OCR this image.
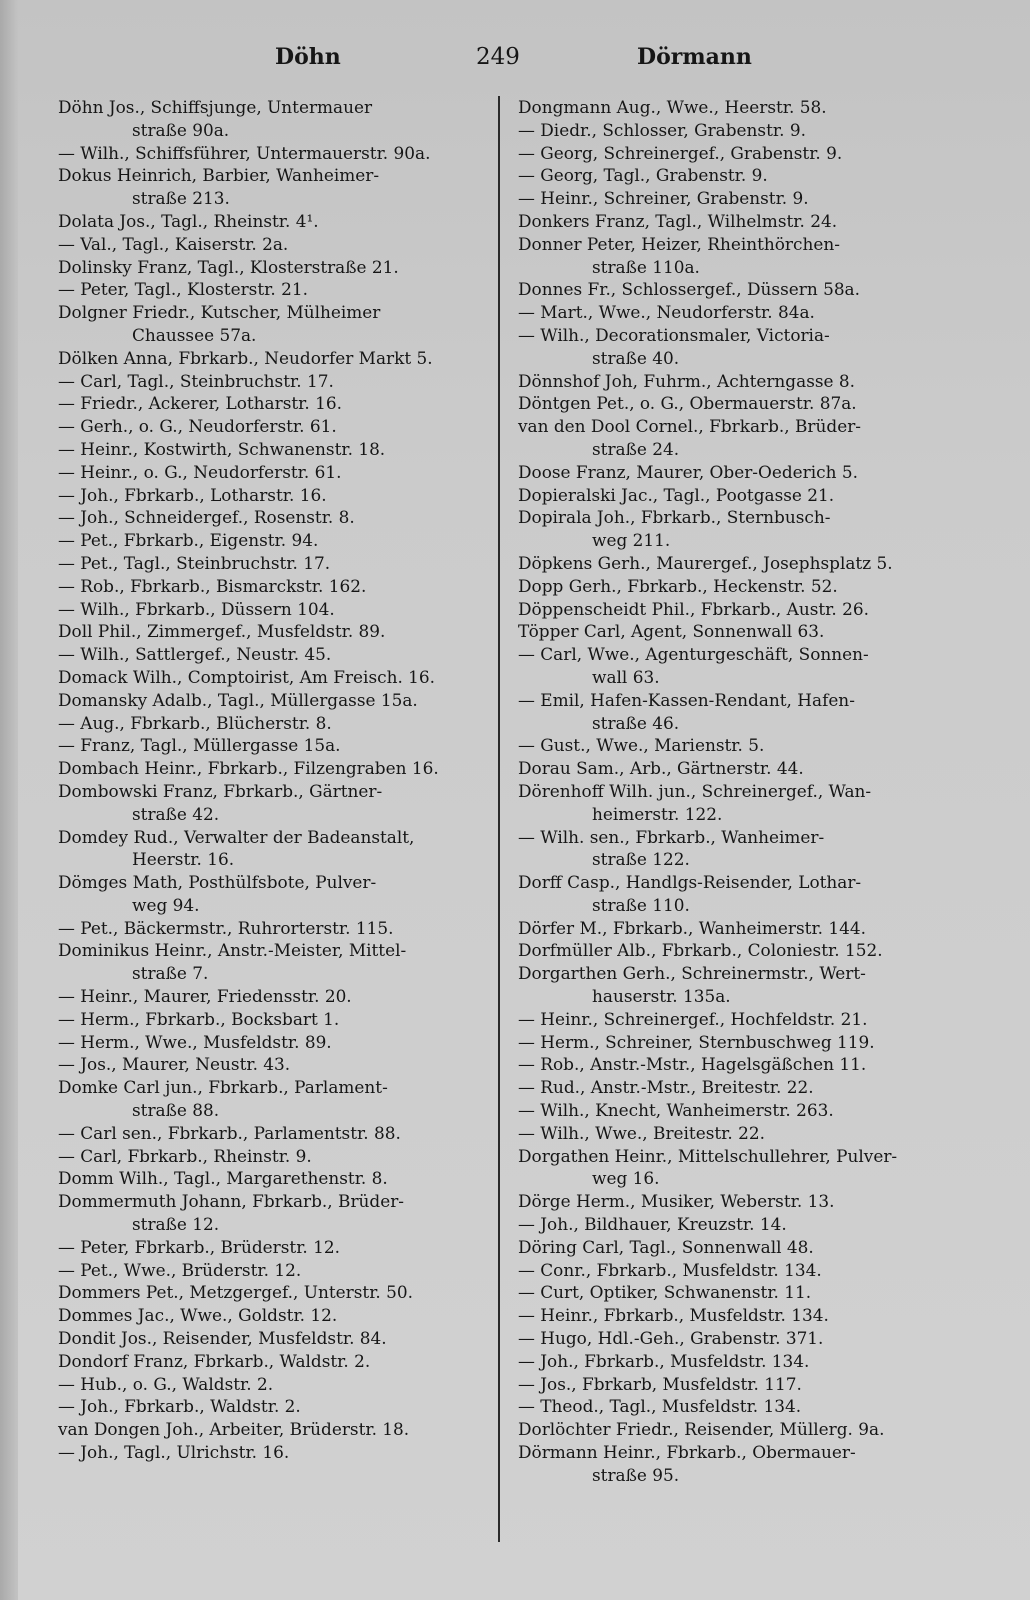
Döhn	249	Dörmann
Döhn Jos., Schiffsjunge, Untermauer
straße 90a.
— Wilh., Schiffsführer, Untermauerstr. 90a.
Dokus Heinrich, Barbier, Wanheimer-
straße 213.
Dolata Jos., Tagl., Rheinstr. 4¹.
— Val., Tagl., Kaiserstr. 2a.
Dolinsky Franz, Tagl., Klosterstraße 21.
— Peter, Tagl., Klosterstr. 21.
Dolgner Friedr., Kutscher, Mülheimer
Chaussee 57a.
Dölken Anna, Fbrkarb., Neudorfer Markt 5.
— Carl, Tagl., Steinbruchstr. 17.
— Friedr., Ackerer, Lotharstr. 16.
— Gerh., o. G., Neudorferstr. 61.
— Heinr., Kostwirth, Schwanenstr. 18.
— Heinr., o. G., Neudorferstr. 61.
— Joh., Fbrkarb., Lotharstr. 16.
— Joh., Schneidergef., Rosenstr. 8.
— Pet., Fbrkarb., Eigenstr. 94.
— Pet., Tagl., Steinbruchstr. 17.
— Rob., Fbrkarb., Bismarckstr. 162.
— Wilh., Fbrkarb., Düssern 104.
Doll Phil., Zimmergef., Musfeldstr. 89.
— Wilh., Sattlergef., Neustr. 45.
Domack Wilh., Comptoirist, Am Freisch. 16.
Domansky Adalb., Tagl., Müllergasse 15a.
— Aug., Fbrkarb., Blücherstr. 8.
— Franz, Tagl., Müllergasse 15a.
Dombach Heinr., Fbrkarb., Filzengraben 16.
Dombowski Franz, Fbrkarb., Gärtner-
straße 42.
Domdey Rud., Verwalter der Badeanstalt,
Heerstr. 16.
Dömges Math, Posthülfsbote, Pulver-
weg 94.
— Pet., Bäckermstr., Ruhrorterstr. 115.
Dominikus Heinr., Anstr.-Meister, Mittel-
straße 7.
— Heinr., Maurer, Friedensstr. 20.
— Herm., Fbrkarb., Bocksbart 1.
— Herm., Wwe., Musfeldstr. 89.
— Jos., Maurer, Neustr. 43.
Domke Carl jun., Fbrkarb., Parlament-
straße 88.
— Carl sen., Fbrkarb., Parlamentstr. 88.
— Carl, Fbrkarb., Rheinstr. 9.
Domm Wilh., Tagl., Margarethenstr. 8.
Dommermuth Johann, Fbrkarb., Brüder-
straße 12.
— Peter, Fbrkarb., Brüderstr. 12.
— Pet., Wwe., Brüderstr. 12.
Dommers Pet., Metzgergef., Unterstr. 50.
Dommes Jac., Wwe., Goldstr. 12.
Dondit Jos., Reisender, Musfeldstr. 84.
Dondorf Franz, Fbrkarb., Waldstr. 2.
— Hub., o. G., Waldstr. 2.
— Joh., Fbrkarb., Waldstr. 2.
van Dongen Joh., Arbeiter, Brüderstr. 18.
— Joh., Tagl., Ulrichstr. 16.
Dongmann Aug., Wwe., Heerstr. 58.
— Diedr., Schlosser, Grabenstr. 9.
— Georg, Schreinergef., Grabenstr. 9.
— Georg, Tagl., Grabenstr. 9.
— Heinr., Schreiner, Grabenstr. 9.
Donkers Franz, Tagl., Wilhelmstr. 24.
Donner Peter, Heizer, Rheinthörchen-
straße 110a.
Donnes Fr., Schlossergef., Düssern 58a.
— Mart., Wwe., Neudorferstr. 84a.
— Wilh., Decorationsmaler, Victoria-
straße 40.
Dönnshof Joh, Fuhrm., Achterngasse 8.
Döntgen Pet., o. G., Obermauerstr. 87a.
van den Dool Cornel., Fbrkarb., Brüder-
straße 24.
Doose Franz, Maurer, Ober-Oederich 5.
Dopieralski Jac., Tagl., Pootgasse 21.
Dopirala Joh., Fbrkarb., Sternbusch-
weg 211.
Döpkens Gerh., Maurergef., Josephsplatz 5.
Dopp Gerh., Fbrkarb., Heckenstr. 52.
Döppenscheidt Phil., Fbrkarb., Austr. 26.
Töpper Carl, Agent, Sonnenwall 63.
— Carl, Wwe., Agenturgeschäft, Sonnen-
wall 63.
— Emil, Hafen-Kassen-Rendant, Hafen-
straße 46.
— Gust., Wwe., Marienstr. 5.
Dorau Sam., Arb., Gärtnerstr. 44.
Dörenhoff Wilh. jun., Schreinergef., Wan-
heimerstr. 122.
— Wilh. sen., Fbrkarb., Wanheimer-
straße 122.
Dorff Casp., Handlgs-Reisender, Lothar-
straße 110.
Dörfer M., Fbrkarb., Wanheimerstr. 144.
Dorfmüller Alb., Fbrkarb., Coloniestr. 152.
Dorgarthen Gerh., Schreinermstr., Wert-
hauserstr. 135a.
— Heinr., Schreinergef., Hochfeldstr. 21.
— Herm., Schreiner, Sternbuschweg 119.
— Rob., Anstr.-Mstr., Hagelsgäßchen 11.
— Rud., Anstr.-Mstr., Breitestr. 22.
— Wilh., Knecht, Wanheimerstr. 263.
— Wilh., Wwe., Breitestr. 22.
Dorgathen Heinr., Mittelschullehrer, Pulver-
weg 16.
Dörge Herm., Musiker, Weberstr. 13.
— Joh., Bildhauer, Kreuzstr. 14.
Döring Carl, Tagl., Sonnenwall 48.
— Conr., Fbrkarb., Musfeldstr. 134.
— Curt, Optiker, Schwanenstr. 11.
— Heinr., Fbrkarb., Musfeldstr. 134.
— Hugo, Hdl.-Geh., Grabenstr. 371.
— Joh., Fbrkarb., Musfeldstr. 134.
— Jos., Fbrkarb, Musfeldstr. 117.
— Theod., Tagl., Musfeldstr. 134.
Dorlöchter Friedr., Reisender, Müllerg. 9a.
Dörmann Heinr., Fbrkarb., Obermauer-
straße 95.
